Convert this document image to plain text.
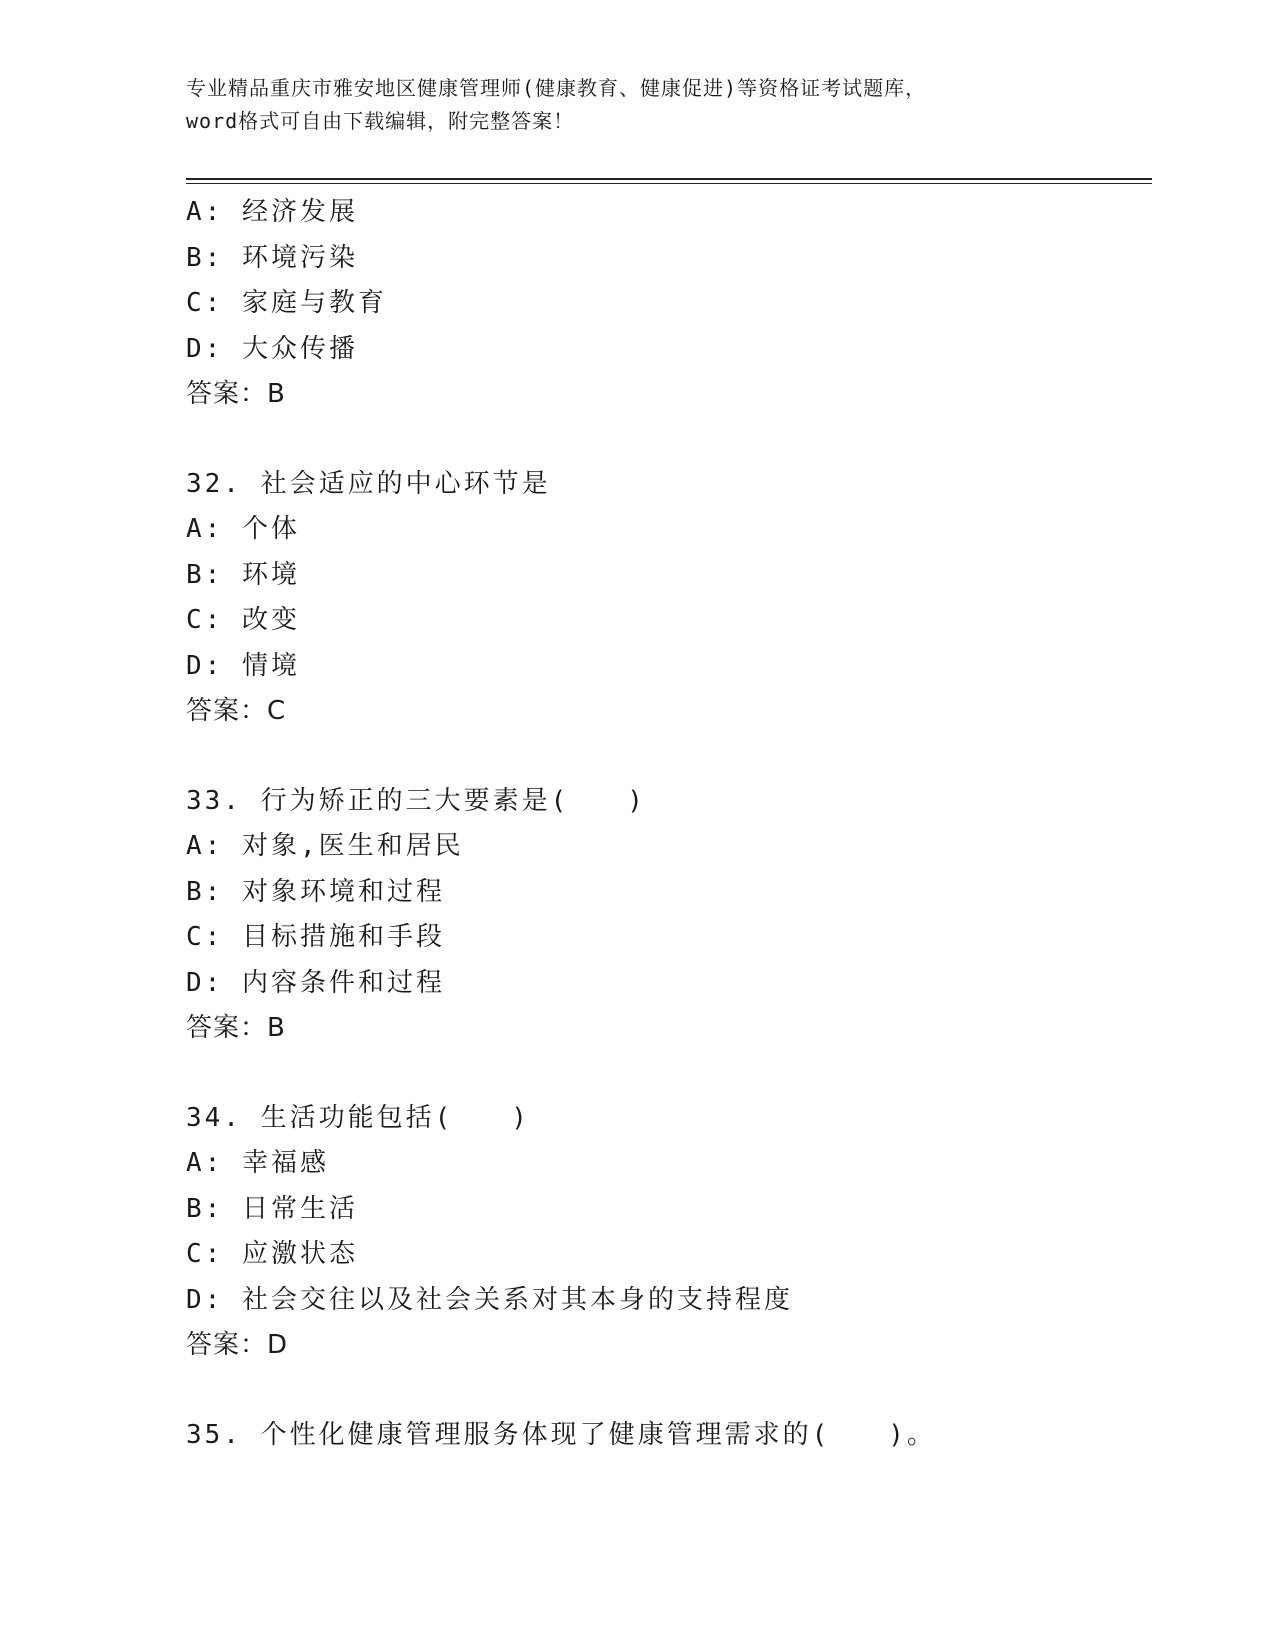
专业精品重庆市雅安地区健康管理师(健康教育、健康促进)等资格证考试题库，
word格式可自由下载编辑，附完整答案！
A: 经济发展
B: 环境污染
C: 家庭与教育
D: 大众传播
答案：B
32. 社会适应的中心环节是
A: 个体
B: 环境
C: 改变
D: 情境
答案：C
33. 行为矫正的三大要素是(　　)
A: 对象,医生和居民
B: 对象环境和过程
C: 目标措施和手段
D: 内容条件和过程
答案：B
34. 生活功能包括(　　)
A: 幸福感
B: 日常生活
C: 应激状态
D: 社会交往以及社会关系对其本身的支持程度
答案：D
35. 个性化健康管理服务体现了健康管理需求的(　　)。
